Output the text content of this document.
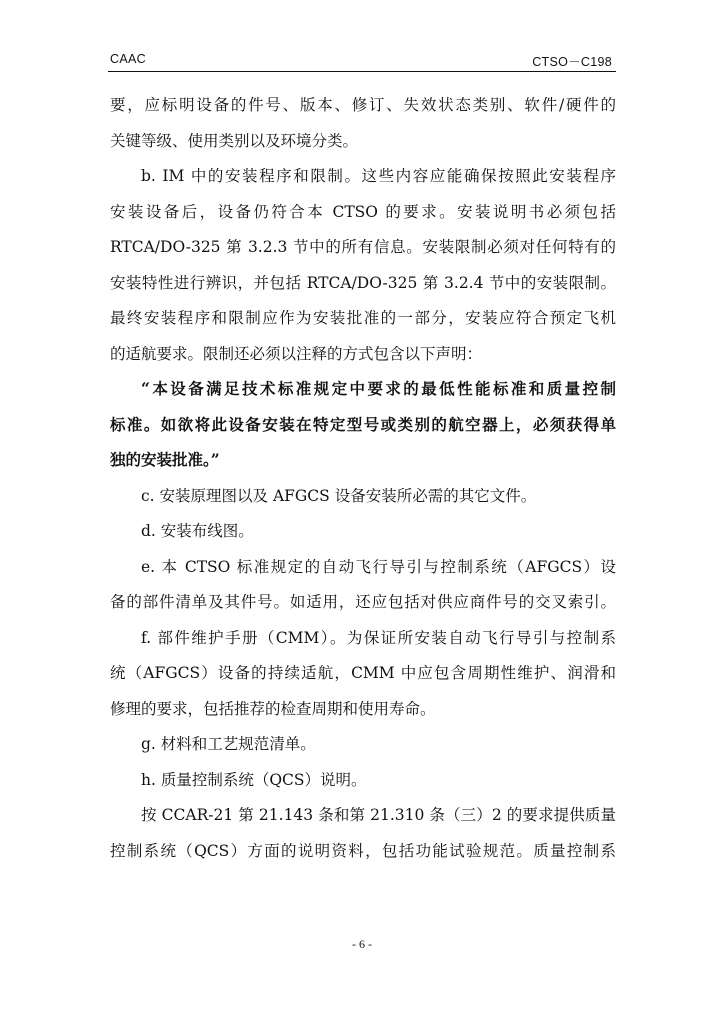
CAAC	CTSO－C198
要，应标明设备的件号、版本、修订、失效状态类别、软件/硬件的
关键等级、使用类别以及环境分类。
b. IM 中的安装程序和限制。这些内容应能确保按照此安装程序
安装设备后，设备仍符合本 CTSO 的要求。安装说明书必须包括
RTCA/DO-325 第 3.2.3 节中的所有信息。安装限制必须对任何特有的
安装特性进行辨识，并包括 RTCA/DO-325 第 3.2.4 节中的安装限制。
最终安装程序和限制应作为安装批准的一部分，安装应符合预定飞机
的适航要求。限制还必须以注释的方式包含以下声明：
“本设备满足技术标准规定中要求的最低性能标准和质量控制
标准。如欲将此设备安装在特定型号或类别的航空器上，必须获得单
独的安装批准。”
c. 安装原理图以及 AFGCS 设备安装所必需的其它文件。
d. 安装布线图。
e. 本 CTSO 标准规定的自动飞行导引与控制系统（AFGCS）设
备的部件清单及其件号。如适用，还应包括对供应商件号的交叉索引。
f. 部件维护手册（CMM）。为保证所安装自动飞行导引与控制系
统（AFGCS）设备的持续适航，CMM 中应包含周期性维护、润滑和
修理的要求，包括推荐的检查周期和使用寿命。
g. 材料和工艺规范清单。
h. 质量控制系统（QCS）说明。
按 CCAR-21 第 21.143 条和第 21.310 条（三）2 的要求提供质量
控制系统（QCS）方面的说明资料，包括功能试验规范。质量控制系
- 6 -
